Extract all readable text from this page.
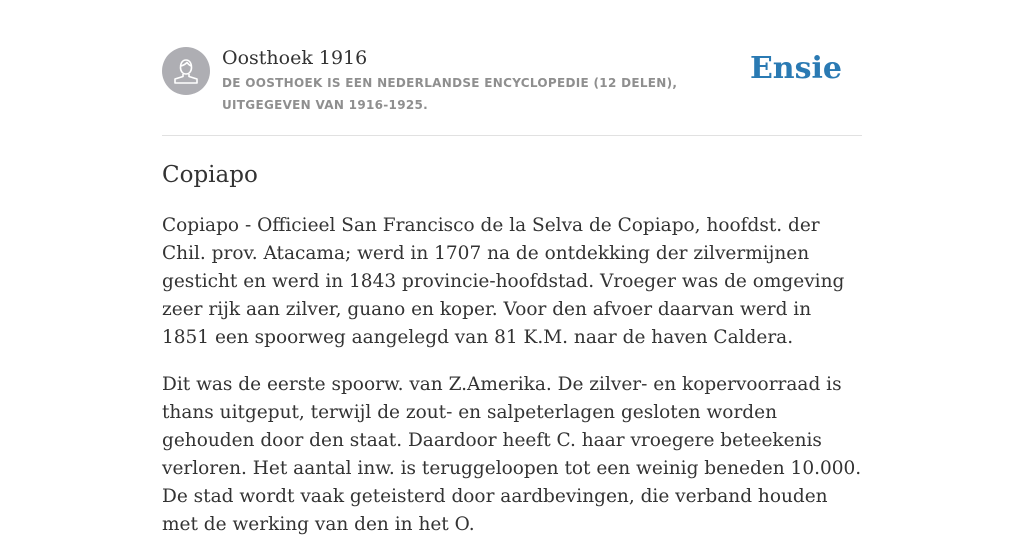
Oosthoek 1916
DE OOSTHOEK IS EEN NEDERLANDSE ENCYCLOPEDIE (12 DELEN), UITGEGEVEN VAN 1916-1925.
Ensie
Copiapo

Copiapo - Officieel San Francisco de la Selva de Copiapo, hoofdst. der Chil. prov. Atacama; werd in 1707 na de ontdekking der zilvermijnen gesticht en werd in 1843 provincie-hoofdstad. Vroeger was de omgeving zeer rijk aan zilver, guano en koper. Voor den afvoer daarvan werd in 1851 een spoorweg aangelegd van 81 K.M. naar de haven Caldera.

Dit was de eerste spoorw. van Z.Amerika. De zilver- en kopervoorraad is thans uitgeput, terwijl de zout- en salpeterlagen gesloten worden gehouden door den staat. Daardoor heeft C. haar vroegere beteekenis verloren. Het aantal inw. is teruggeloopen tot een weinig beneden 10.000. De stad wordt vaak geteisterd door aardbevingen, die verband houden met de werking van den in het O.
